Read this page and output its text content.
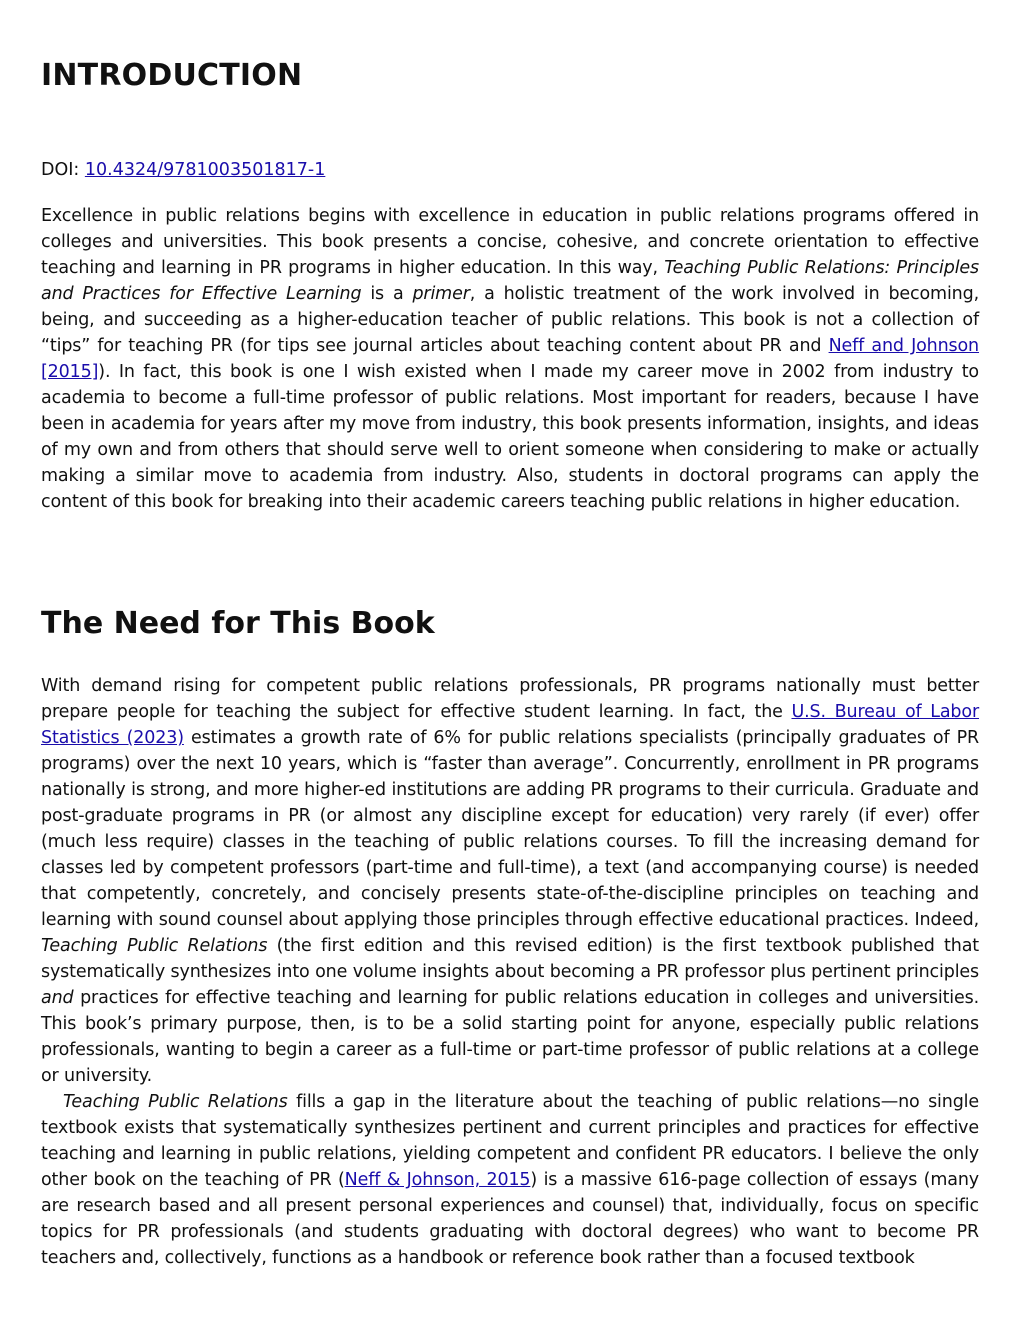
INTRODUCTION
DOI: 10.4324/9781003501817-1

Excellence in public relations begins with excellence in education in public relations programs offered in colleges and universities. This book presents a concise, cohesive, and concrete orientation to effective teaching and learning in PR programs in higher education. In this way, Teaching Public Relations: Principles and Practices for Effective Learning is a primer, a holistic treatment of the work involved in becoming, being, and succeeding as a higher-education teacher of public relations. This book is not a collection of “tips” for teaching PR (for tips see journal articles about teaching content about PR and Neff and Johnson [2015]). In fact, this book is one I wish existed when I made my career move in 2002 from industry to academia to become a full-time professor of public relations. Most important for readers, because I have been in academia for years after my move from industry, this book presents information, insights, and ideas of my own and from others that should serve well to orient someone when considering to make or actually making a similar move to academia from industry. Also, students in doctoral programs can apply the content of this book for breaking into their academic careers teaching public relations in higher education.

The Need for This Book

With demand rising for competent public relations professionals, PR programs nationally must better prepare people for teaching the subject for effective student learning. In fact, the U.S. Bureau of Labor Statistics (2023) estimates a growth rate of 6% for public relations specialists (principally graduates of PR programs) over the next 10 years, which is “faster than average”. Concurrently, enrollment in PR programs nationally is strong, and more higher-ed institutions are adding PR programs to their curricula. Graduate and post-graduate programs in PR (or almost any discipline except for education) very rarely (if ever) offer (much less require) classes in the teaching of public relations courses. To fill the increasing demand for classes led by competent professors (part-time and full-time), a text (and accompanying course) is needed that competently, concretely, and concisely presents state-of-the-discipline principles on teaching and learning with sound counsel about applying those principles through effective educational practices. Indeed, Teaching Public Relations (the first edition and this revised edition) is the first textbook published that systematically synthesizes into one volume insights about becoming a PR professor plus pertinent principles and practices for effective teaching and learning for public relations education in colleges and universities. This book’s primary purpose, then, is to be a solid starting point for anyone, especially public relations professionals, wanting to begin a career as a full-time or part-time professor of public relations at a college or university.

Teaching Public Relations fills a gap in the literature about the teaching of public relations—no single textbook exists that systematically synthesizes pertinent and current principles and practices for effective teaching and learning in public relations, yielding competent and confident PR educators. I believe the only other book on the teaching of PR (Neff & Johnson, 2015) is a massive 616-page collection of essays (many are research based and all present personal experiences and counsel) that, individually, focus on specific topics for PR professionals (and students graduating with doctoral degrees) who want to become PR teachers and, collectively, functions as a handbook or reference book rather than a focused textbook
